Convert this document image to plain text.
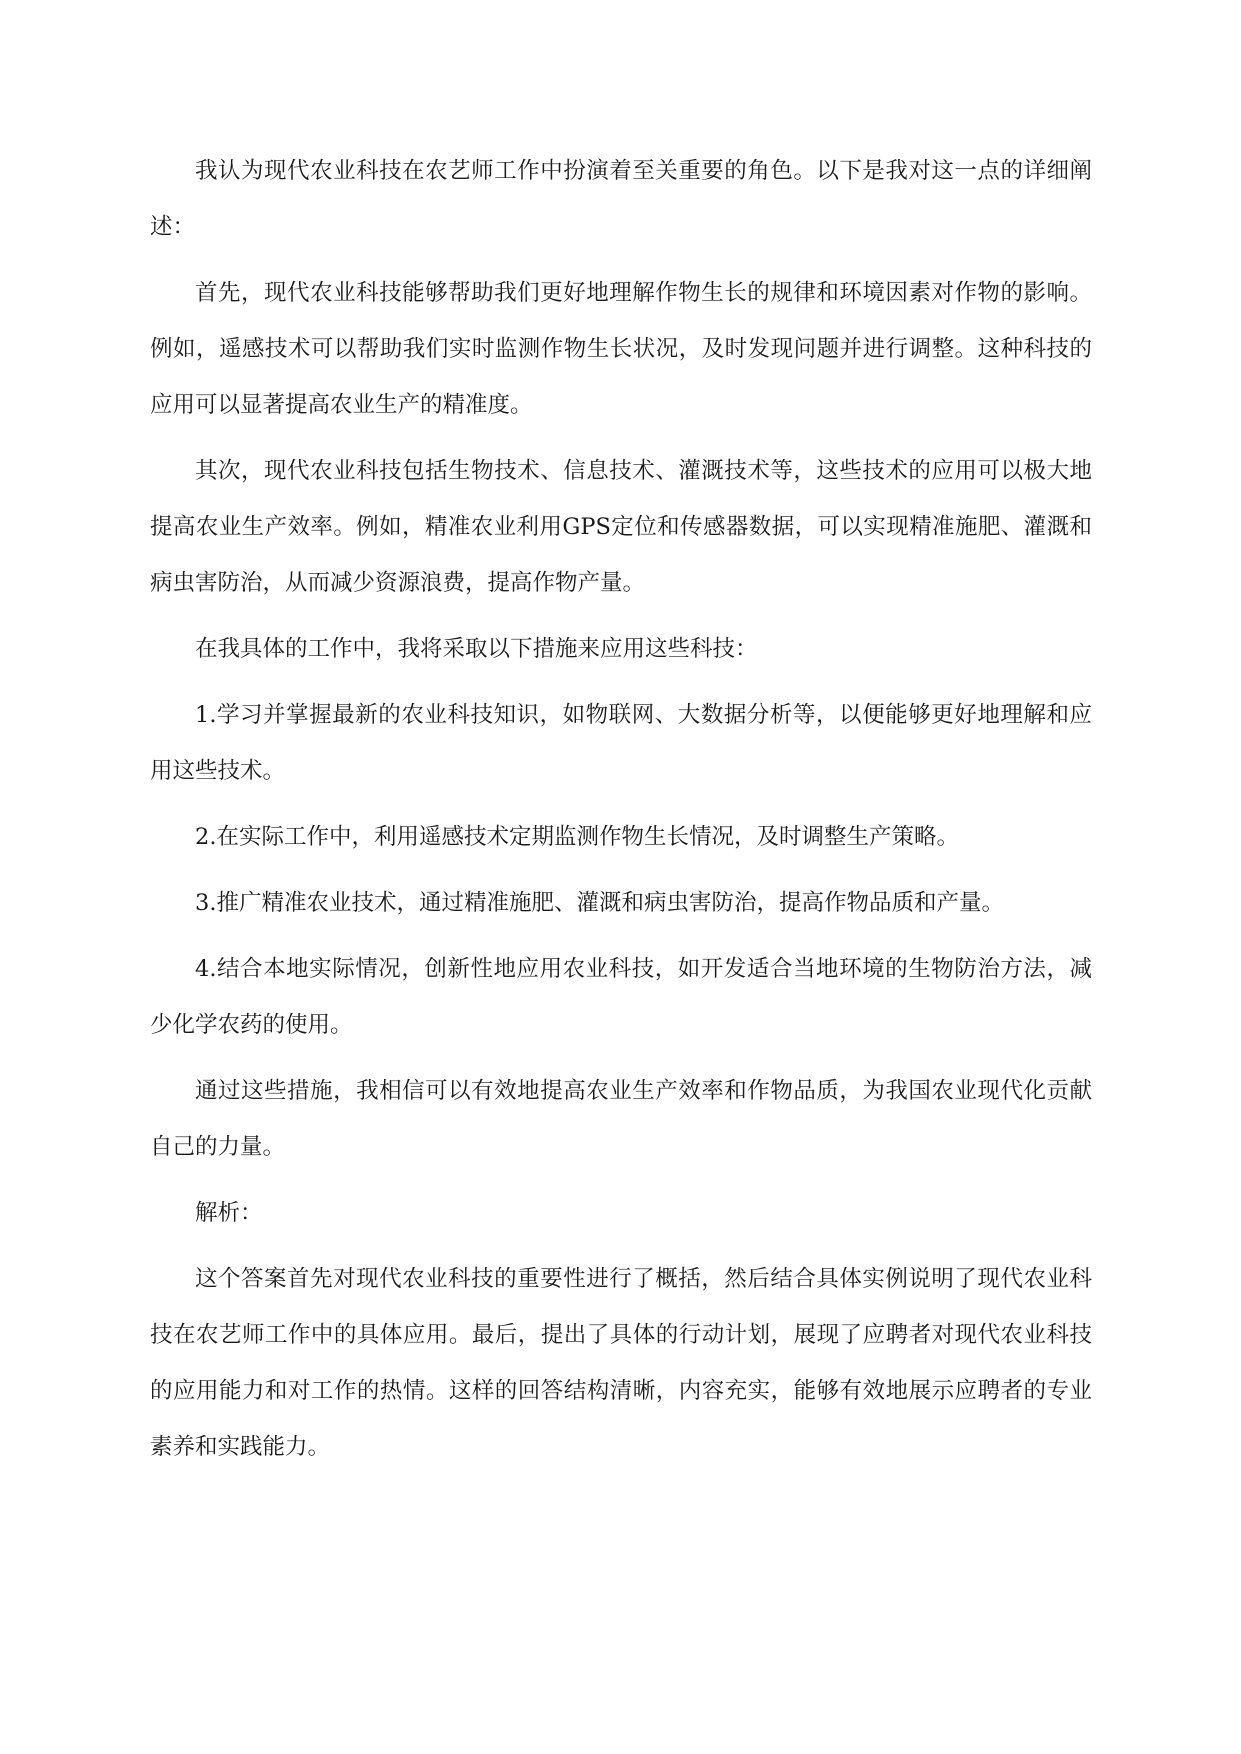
我认为现代农业科技在农艺师工作中扮演着至关重要的角色。以下是我对这一点的详细阐述：

首先，现代农业科技能够帮助我们更好地理解作物生长的规律和环境因素对作物的影响。例如，遥感技术可以帮助我们实时监测作物生长状况，及时发现问题并进行调整。这种科技的应用可以显著提高农业生产的精准度。

其次，现代农业科技包括生物技术、信息技术、灌溉技术等，这些技术的应用可以极大地提高农业生产效率。例如，精准农业利用GPS定位和传感器数据，可以实现精准施肥、灌溉和病虫害防治，从而减少资源浪费，提高作物产量。

在我具体的工作中，我将采取以下措施来应用这些科技：

1.学习并掌握最新的农业科技知识，如物联网、大数据分析等，以便能够更好地理解和应用这些技术。

2.在实际工作中，利用遥感技术定期监测作物生长情况，及时调整生产策略。

3.推广精准农业技术，通过精准施肥、灌溉和病虫害防治，提高作物品质和产量。

4.结合本地实际情况，创新性地应用农业科技，如开发适合当地环境的生物防治方法，减少化学农药的使用。

通过这些措施，我相信可以有效地提高农业生产效率和作物品质，为我国农业现代化贡献自己的力量。

解析：

这个答案首先对现代农业科技的重要性进行了概括，然后结合具体实例说明了现代农业科技在农艺师工作中的具体应用。最后，提出了具体的行动计划，展现了应聘者对现代农业科技的应用能力和对工作的热情。这样的回答结构清晰，内容充实，能够有效地展示应聘者的专业素养和实践能力。
